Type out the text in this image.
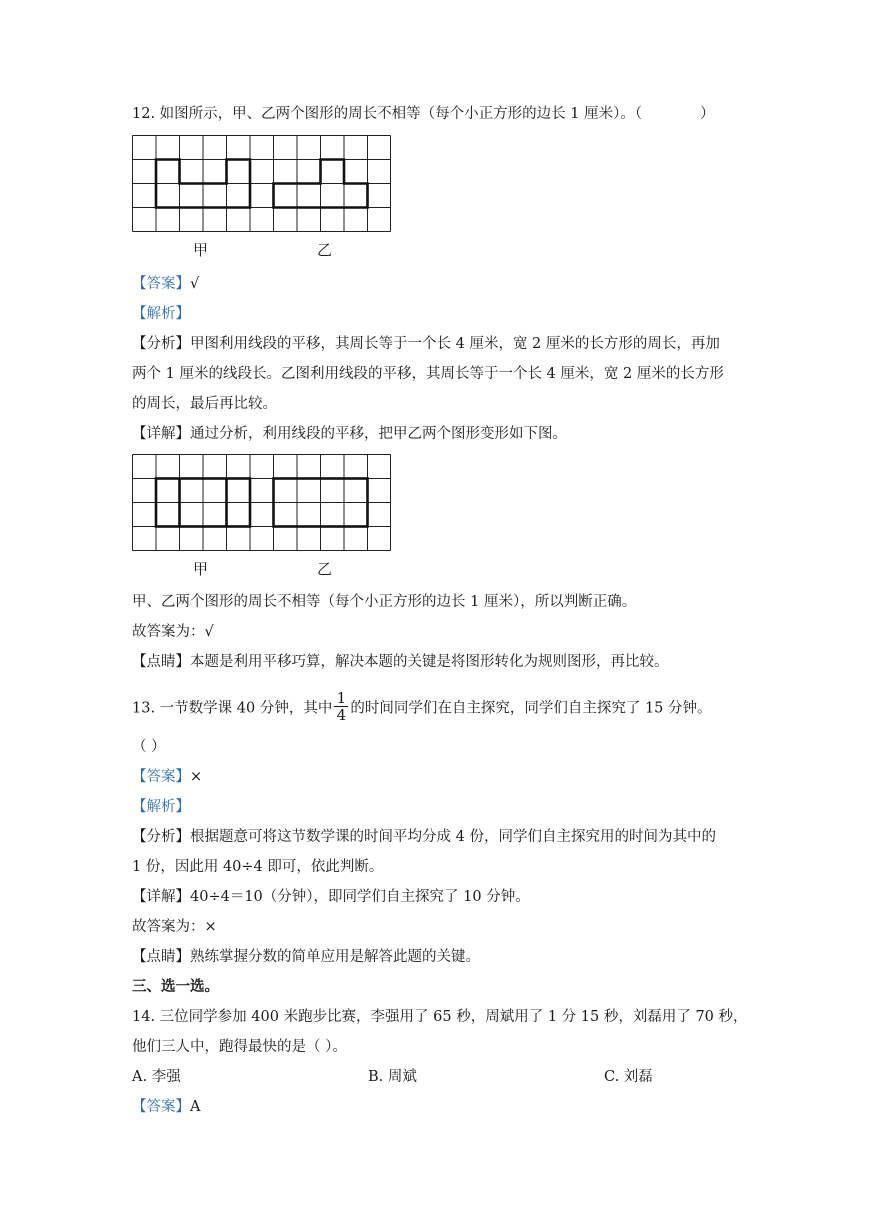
12. 如图所示，甲、乙两个图形的周长不相等（每个小正方形的边长 1 厘米）。（	）
甲	乙
【答案】√
【解析】
【分析】甲图利用线段的平移，其周长等于一个长 4 厘米，宽 2 厘米的长方形的周长，再加
两个 1 厘米的线段长。乙图利用线段的平移，其周长等于一个长 4 厘米，宽 2 厘米的长方形
的周长，最后再比较。
【详解】通过分析，利用线段的平移，把甲乙两个图形变形如下图。
甲	乙
甲、乙两个图形的周长不相等（每个小正方形的边长 1 厘米），所以判断正确。
故答案为：√
【点睛】本题是利用平移巧算，解决本题的关键是将图形转化为规则图形，再比较。
13. 一节数学课 40 分钟，其中 $\frac{1}{4}$ 的时间同学们在自主探究，同学们自主探究了 15 分钟。
（ ）
【答案】×
【解析】
【分析】根据题意可将这节数学课的时间平均分成 4 份，同学们自主探究用的时间为其中的
1 份，因此用 40÷4 即可，依此判断。
【详解】40÷4＝10（分钟），即同学们自主探究了 10 分钟。
故答案为：×
【点睛】熟练掌握分数的简单应用是解答此题的关键。
三、选一选。
14. 三位同学参加 400 米跑步比赛，李强用了 65 秒，周斌用了 1 分 15 秒，刘磊用了 70 秒，
他们三人中，跑得最快的是（ ）。
A. 李强	B. 周斌	C. 刘磊
【答案】A
